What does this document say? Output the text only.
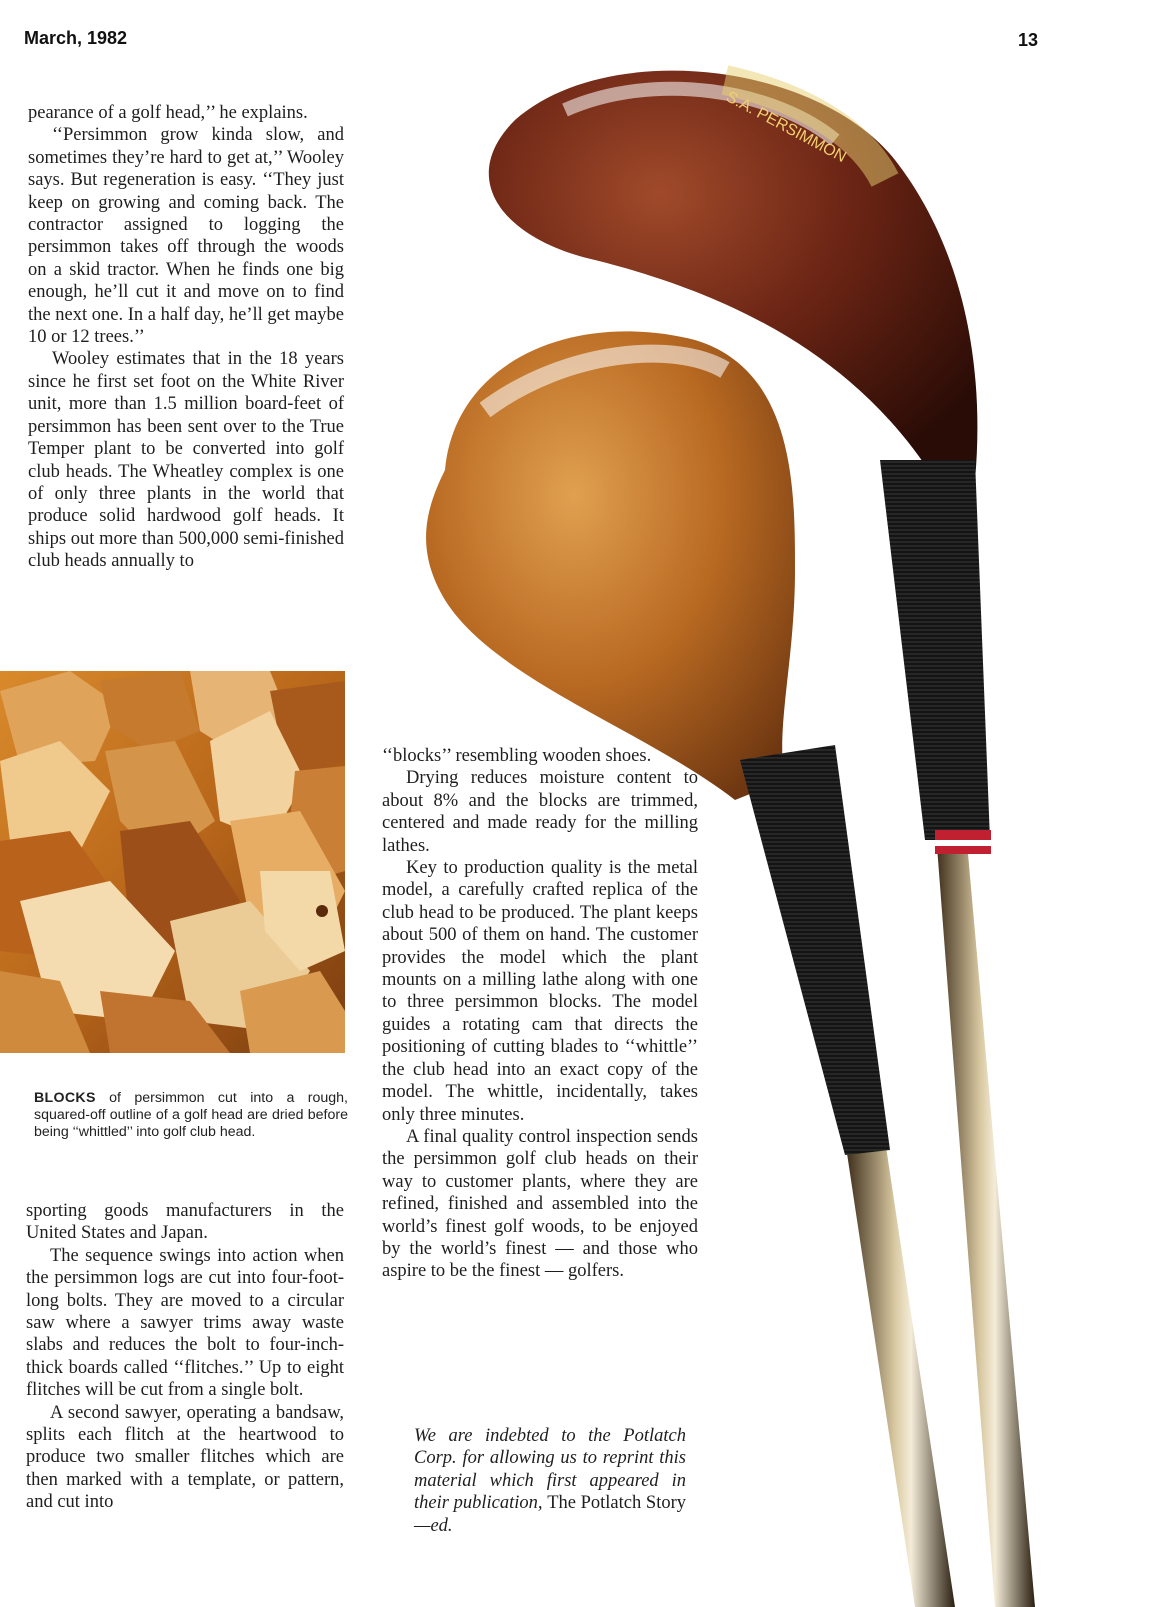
March, 1982	13

pearance of a golf head,’’ he explains.

‘‘Persimmon grow kinda slow, and sometimes they’re hard to get at,’’ Wooley says. But regeneration is easy. ‘‘They just keep on growing and coming back. The contractor assigned to logging the persimmon takes off through the woods on a skid tractor. When he finds one big enough, he’ll cut it and move on to find the next one. In a half day, he’ll get maybe 10 or 12 trees.’’

Wooley estimates that in the 18 years since he first set foot on the White River unit, more than 1.5 million board-feet of persimmon has been sent over to the True Temper plant to be converted into golf club heads. The Wheatley complex is one of only three plants in the world that produce solid hardwood golf heads. It ships out more than 500,000 semi-finished club heads annually to

BLOCKS of persimmon cut into a rough, squared-off outline of a golf head are dried before being ‘‘whittled’’ into golf club head.

sporting goods manufacturers in the United States and Japan.

The sequence swings into action when the persimmon logs are cut into four-foot-long bolts. They are moved to a circular saw where a sawyer trims away waste slabs and reduces the bolt to four-inch-thick boards called ‘‘flitches.’’ Up to eight flitches will be cut from a single bolt.

A second sawyer, operating a bandsaw, splits each flitch at the heartwood to produce two smaller flitches which are then marked with a template, or pattern, and cut into

S.A. PERSIMMON

‘‘blocks’’ resembling wooden shoes.

Drying reduces moisture content to about 8% and the blocks are trimmed, centered and made ready for the milling lathes.

Key to production quality is the metal model, a carefully crafted replica of the club head to be produced. The plant keeps about 500 of them on hand. The customer provides the model which the plant mounts on a milling lathe along with one to three persimmon blocks. The model guides a rotating cam that directs the positioning of cutting blades to ‘‘whittle’’ the club head into an exact copy of the model. The whittle, incidentally, takes only three minutes.

A final quality control inspection sends the persimmon golf club heads on their way to customer plants, where they are refined, finished and assembled into the world’s finest golf woods, to be enjoyed by the world’s finest — and those who aspire to be the finest — golfers.

We are indebted to the Potlatch Corp. for allowing us to reprint this material which first appeared in their publication, The Potlatch Story—ed.
